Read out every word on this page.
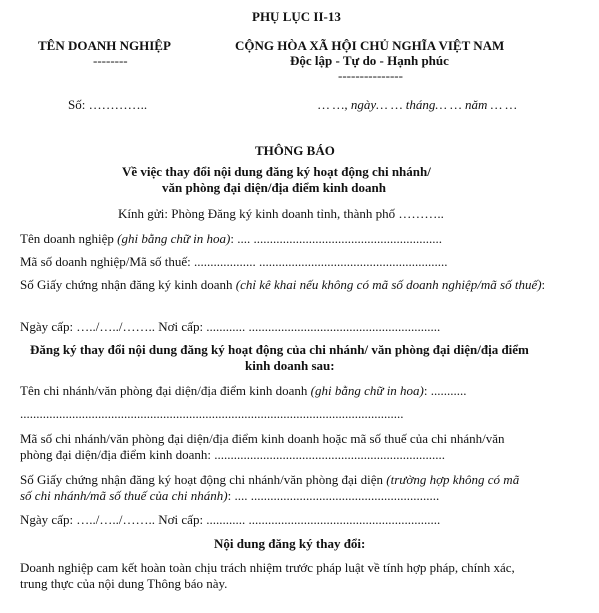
PHỤ LỤC II-13
TÊN DOANH NGHIỆP
--------
CỘNG HÒA XÃ HỘI CHỦ NGHĨA VIỆT NAM
Độc lập - Tự do - Hạnh phúc
---------------
Số: …………..	… …, ngày… … tháng… … năm … …
THÔNG BÁO
Về việc thay đổi nội dung đăng ký hoạt động chi nhánh/
văn phòng đại diện/địa điểm kinh doanh
Kính gửi: Phòng Đăng ký kinh doanh tỉnh, thành phố ………..
Tên doanh nghiệp (ghi bằng chữ in hoa): .... ..........................................................
Mã số doanh nghiệp/Mã số thuế: ................... ..........................................................
Số Giấy chứng nhận đăng ký kinh doanh (chỉ kê khai nếu không có mã số doanh nghiệp/mã số thuế):
Ngày cấp: …../…../…….. Nơi cấp: ............ ...........................................................
Đăng ký thay đổi nội dung đăng ký hoạt động của chi nhánh/ văn phòng đại diện/địa điểm
kinh doanh sau:
Tên chi nhánh/văn phòng đại diện/địa điểm kinh doanh (ghi bằng chữ in hoa): ...........
......................................................................................................................
Mã số chi nhánh/văn phòng đại diện/địa điểm kinh doanh hoặc mã số thuế của chi nhánh/văn
phòng đại diện/địa điểm kinh doanh: .......................................................................
Số Giấy chứng nhận đăng ký hoạt động chi nhánh/văn phòng đại diện (trường hợp không có mã
số chi nhánh/mã số thuế của chi nhánh): .... ..........................................................
Ngày cấp: …../…../…….. Nơi cấp: ............ ...........................................................
Nội dung đăng ký thay đổi:
Doanh nghiệp cam kết hoàn toàn chịu trách nhiệm trước pháp luật về tính hợp pháp, chính xác,
trung thực của nội dung Thông báo này.
